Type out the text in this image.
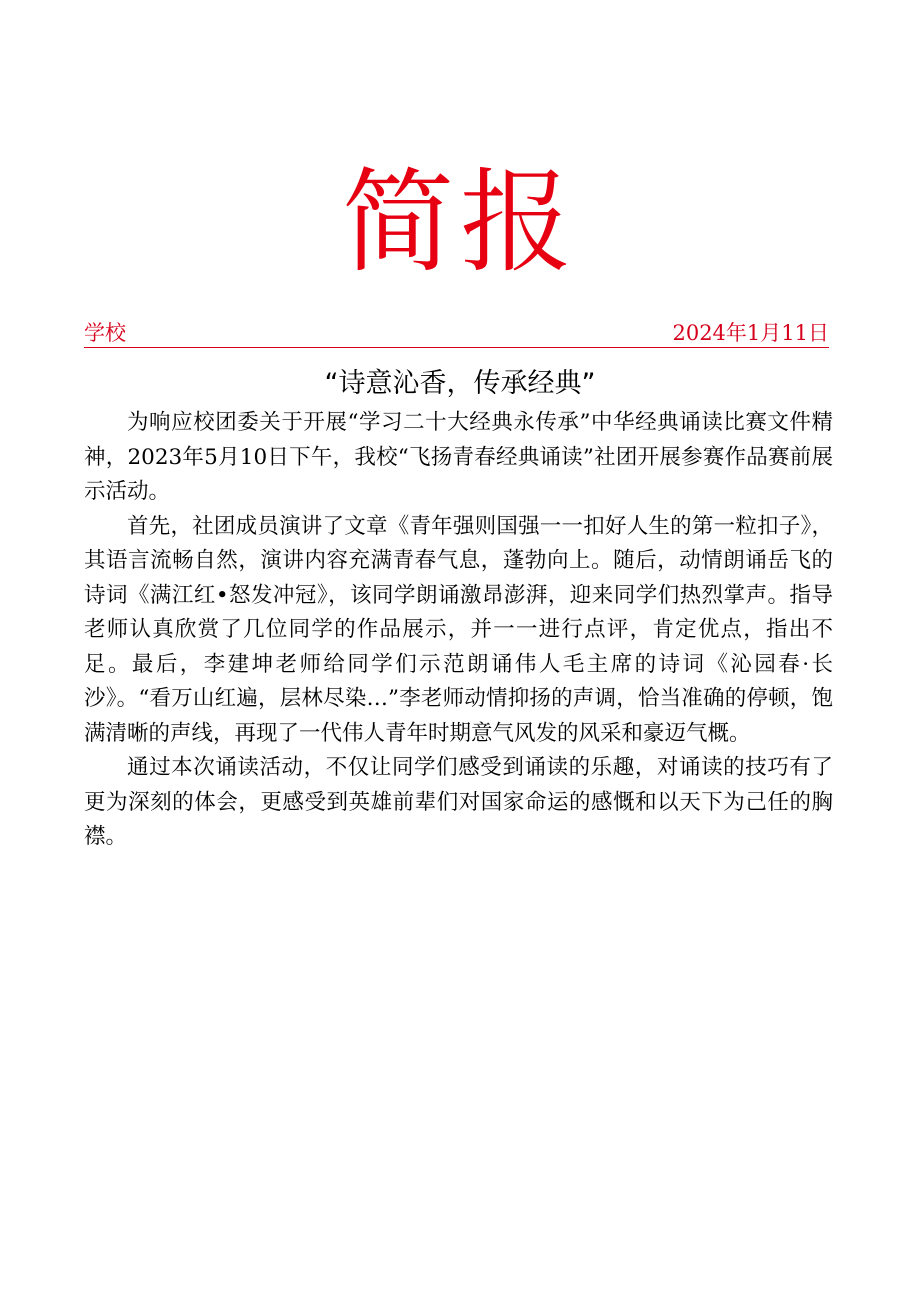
简报
学校	2024年1月11日
“诗意沁香，传承经典”

为响应校团委关于开展“学习二十大经典永传承”中华经典诵读比赛文件精神，2023年5月10日下午，我校“飞扬青春经典诵读”社团开展参赛作品赛前展示活动。

首先，社团成员演讲了文章《青年强则国强一一扣好人生的第一粒扣子》，其语言流畅自然，演讲内容充满青春气息，蓬勃向上。随后，动情朗诵岳飞的诗词《满江红•怒发冲冠》，该同学朗诵激昂澎湃，迎来同学们热烈掌声。指导老师认真欣赏了几位同学的作品展示，并一一进行点评，肯定优点，指出不足。最后，李建坤老师给同学们示范朗诵伟人毛主席的诗词《沁园春·长沙》。“看万山红遍，层林尽染…”李老师动情抑扬的声调，恰当准确的停顿，饱满清晰的声线，再现了一代伟人青年时期意气风发的风采和豪迈气概。

通过本次诵读活动，不仅让同学们感受到诵读的乐趣，对诵读的技巧有了更为深刻的体会，更感受到英雄前辈们对国家命运的感慨和以天下为己任的胸襟。
